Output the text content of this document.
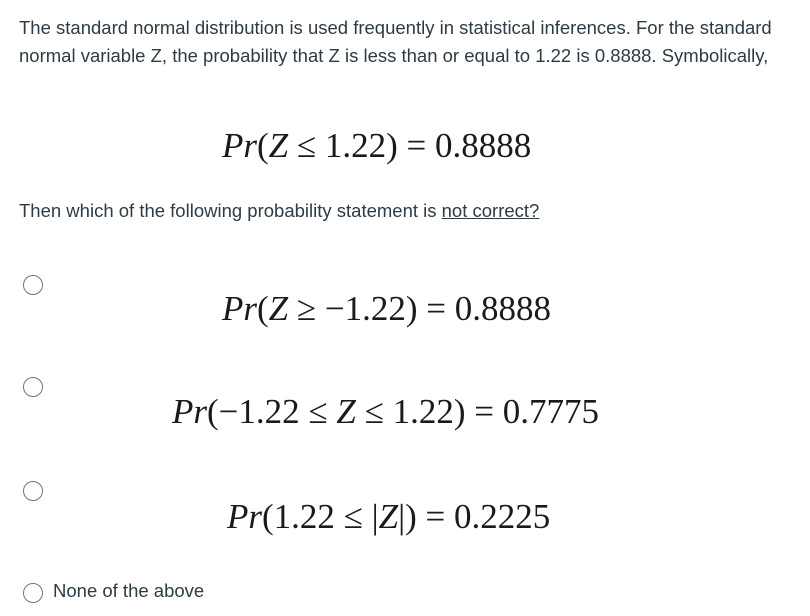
The standard normal distribution is used frequently in statistical inferences. For the standard normal variable Z, the probability that Z is less than or equal to 1.22 is 0.8888. Symbolically,

Pr(Z ≤ 1.22) = 0.8888

Then which of the following probability statement is not correct?

Pr(Z ≥ −1.22) = 0.8888
Pr(−1.22 ≤ Z ≤ 1.22) = 0.7775
Pr(1.22 ≤ |Z|) = 0.2225
None of the above
